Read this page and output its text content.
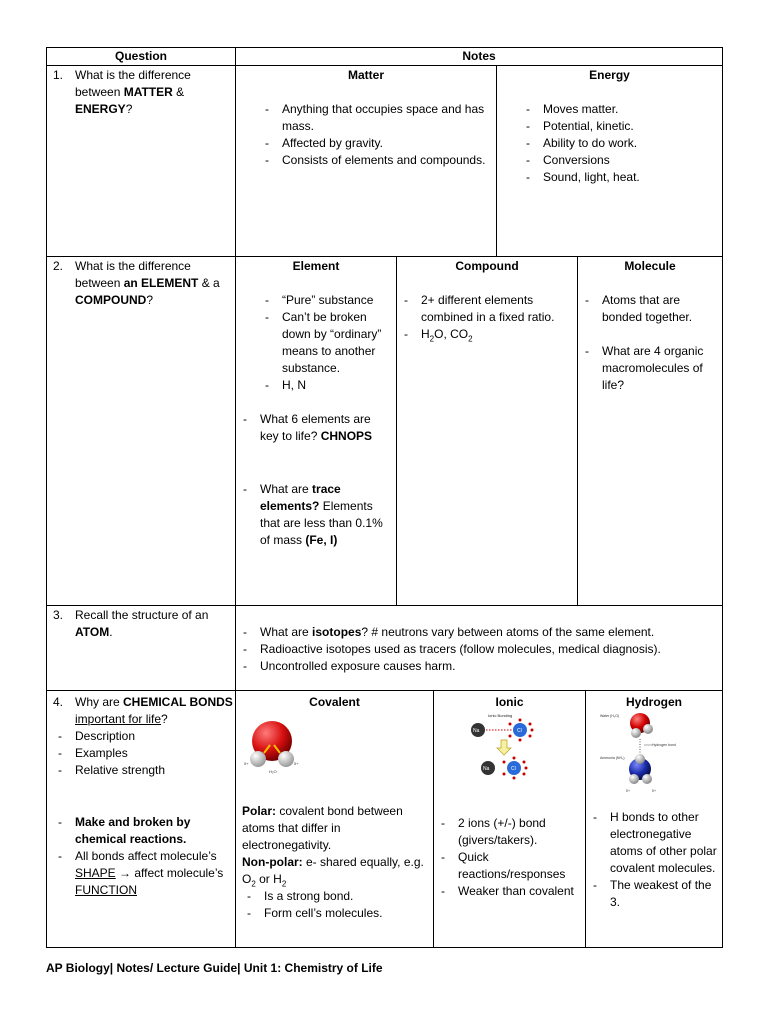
Question	Notes
1. What is the difference between MATTER & ENERGY?
Matter
- Anything that occupies space and has mass.
- Affected by gravity.
- Consists of elements and compounds.
Energy
- Moves matter.
- Potential, kinetic.
- Ability to do work.
- Conversions
- Sound, light, heat.
2. What is the difference between an ELEMENT & a COMPOUND?
Element
- “Pure” substance
- Can’t be broken down by “ordinary” means to another substance.
- H, N
- What 6 elements are key to life? CHNOPS
- What are trace elements? Elements that are less than 0.1% of mass (Fe, I)
Compound
- 2+ different elements combined in a fixed ratio.
- $H_2O$, $CO_2$
Molecule
- Atoms that are bonded together.
- What are 4 organic macromolecules of life?
3. Recall the structure of an ATOM.
-	What are isotopes? # neutrons vary between atoms of the same element.
- Radioactive isotopes used as tracers (follow molecules, medical diagnosis).
- Uncontrolled exposure causes harm.
4. Why are CHEMICAL BONDS important for life?
- Description
- Examples
- Relative strength
- Make and broken by chemical reactions.
- All bonds affect molecule’s SHAPE → affect molecule’s FUNCTION
Covalent
δ+	δ+
H₂O
Polar: covalent bond between atoms that differ in electronegativity.
Non-polar: e- shared equally, e.g. $O_2$ or $H_2$
- Is a strong bond.
- Form cell’s molecules.
Ionic
Ionic Bonding
Na	Cl
Na	Cl
- 2 ions (+/-) bond (givers/takers).
- Quick reactions/responses
- Weaker than covalent
Hydrogen
Water (H₂O)
Hydrogen bond
Ammonia (NH₃)
δ+	δ+
- H bonds to other electronegative atoms of other polar covalent molecules.
- The weakest of the 3.
AP Biology| Notes/ Lecture Guide| Unit 1: Chemistry of Life
